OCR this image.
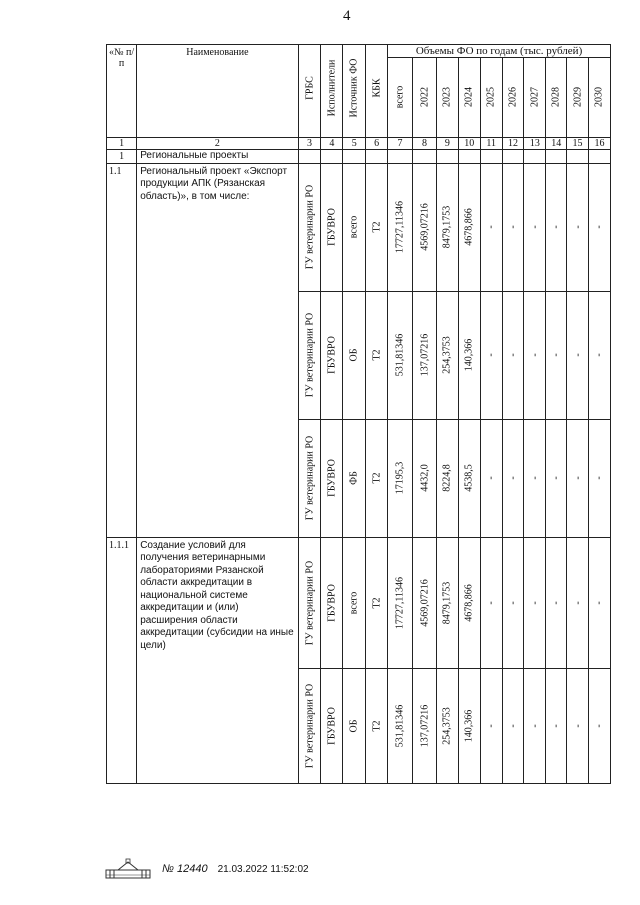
4
«№ п/п	Наименование	ГРБС	Исполнители	Источник ФО	КБК	Объемы ФО по годам (тыс. рублей)									

						всего	2022	2023	2024	2025	2026	2027	2028	2029	2030

1	2	3	4	5	6	7	8	9	10	11	12	13	14	15	16
1	Региональные проекты														
1.1	Региональный проект «Экспорт продукции АПК (Рязанская область)», в том числе:	ГУ ветеринарии РО	ГБУВРО	всего	Т2	17727,11346	4569,07216	8479,1753	4678,866	-	-	-	-	-	-

		ГУ ветеринарии РО	ГБУВРО	ОБ	Т2	531,81346	137,07216	254,3753	140,366	-	-	-	-	-	-

		ГУ ветеринарии РО	ГБУВРО	ФБ	Т2	17195,3	4432,0	8224,8	4538,5	-	-	-	-	-	-

1.1.1	Создание условий для получения ветеринарными лабораториями Рязанской области аккредитации в национальной системе аккредитации и (или) расширения области аккредитации (субсидии на иные цели)	ГУ ветеринарии РО	ГБУВРО	всего	Т2	17727,11346	4569,07216	8479,1753	4678,866	-	-	-	-	-	-

		ГУ ветеринарии РО	ГБУВРО	ОБ	Т2	531,81346	137,07216	254,3753	140,366	-	-	-	-	-	-
№ 12440 21.03.2022 11:52:02
